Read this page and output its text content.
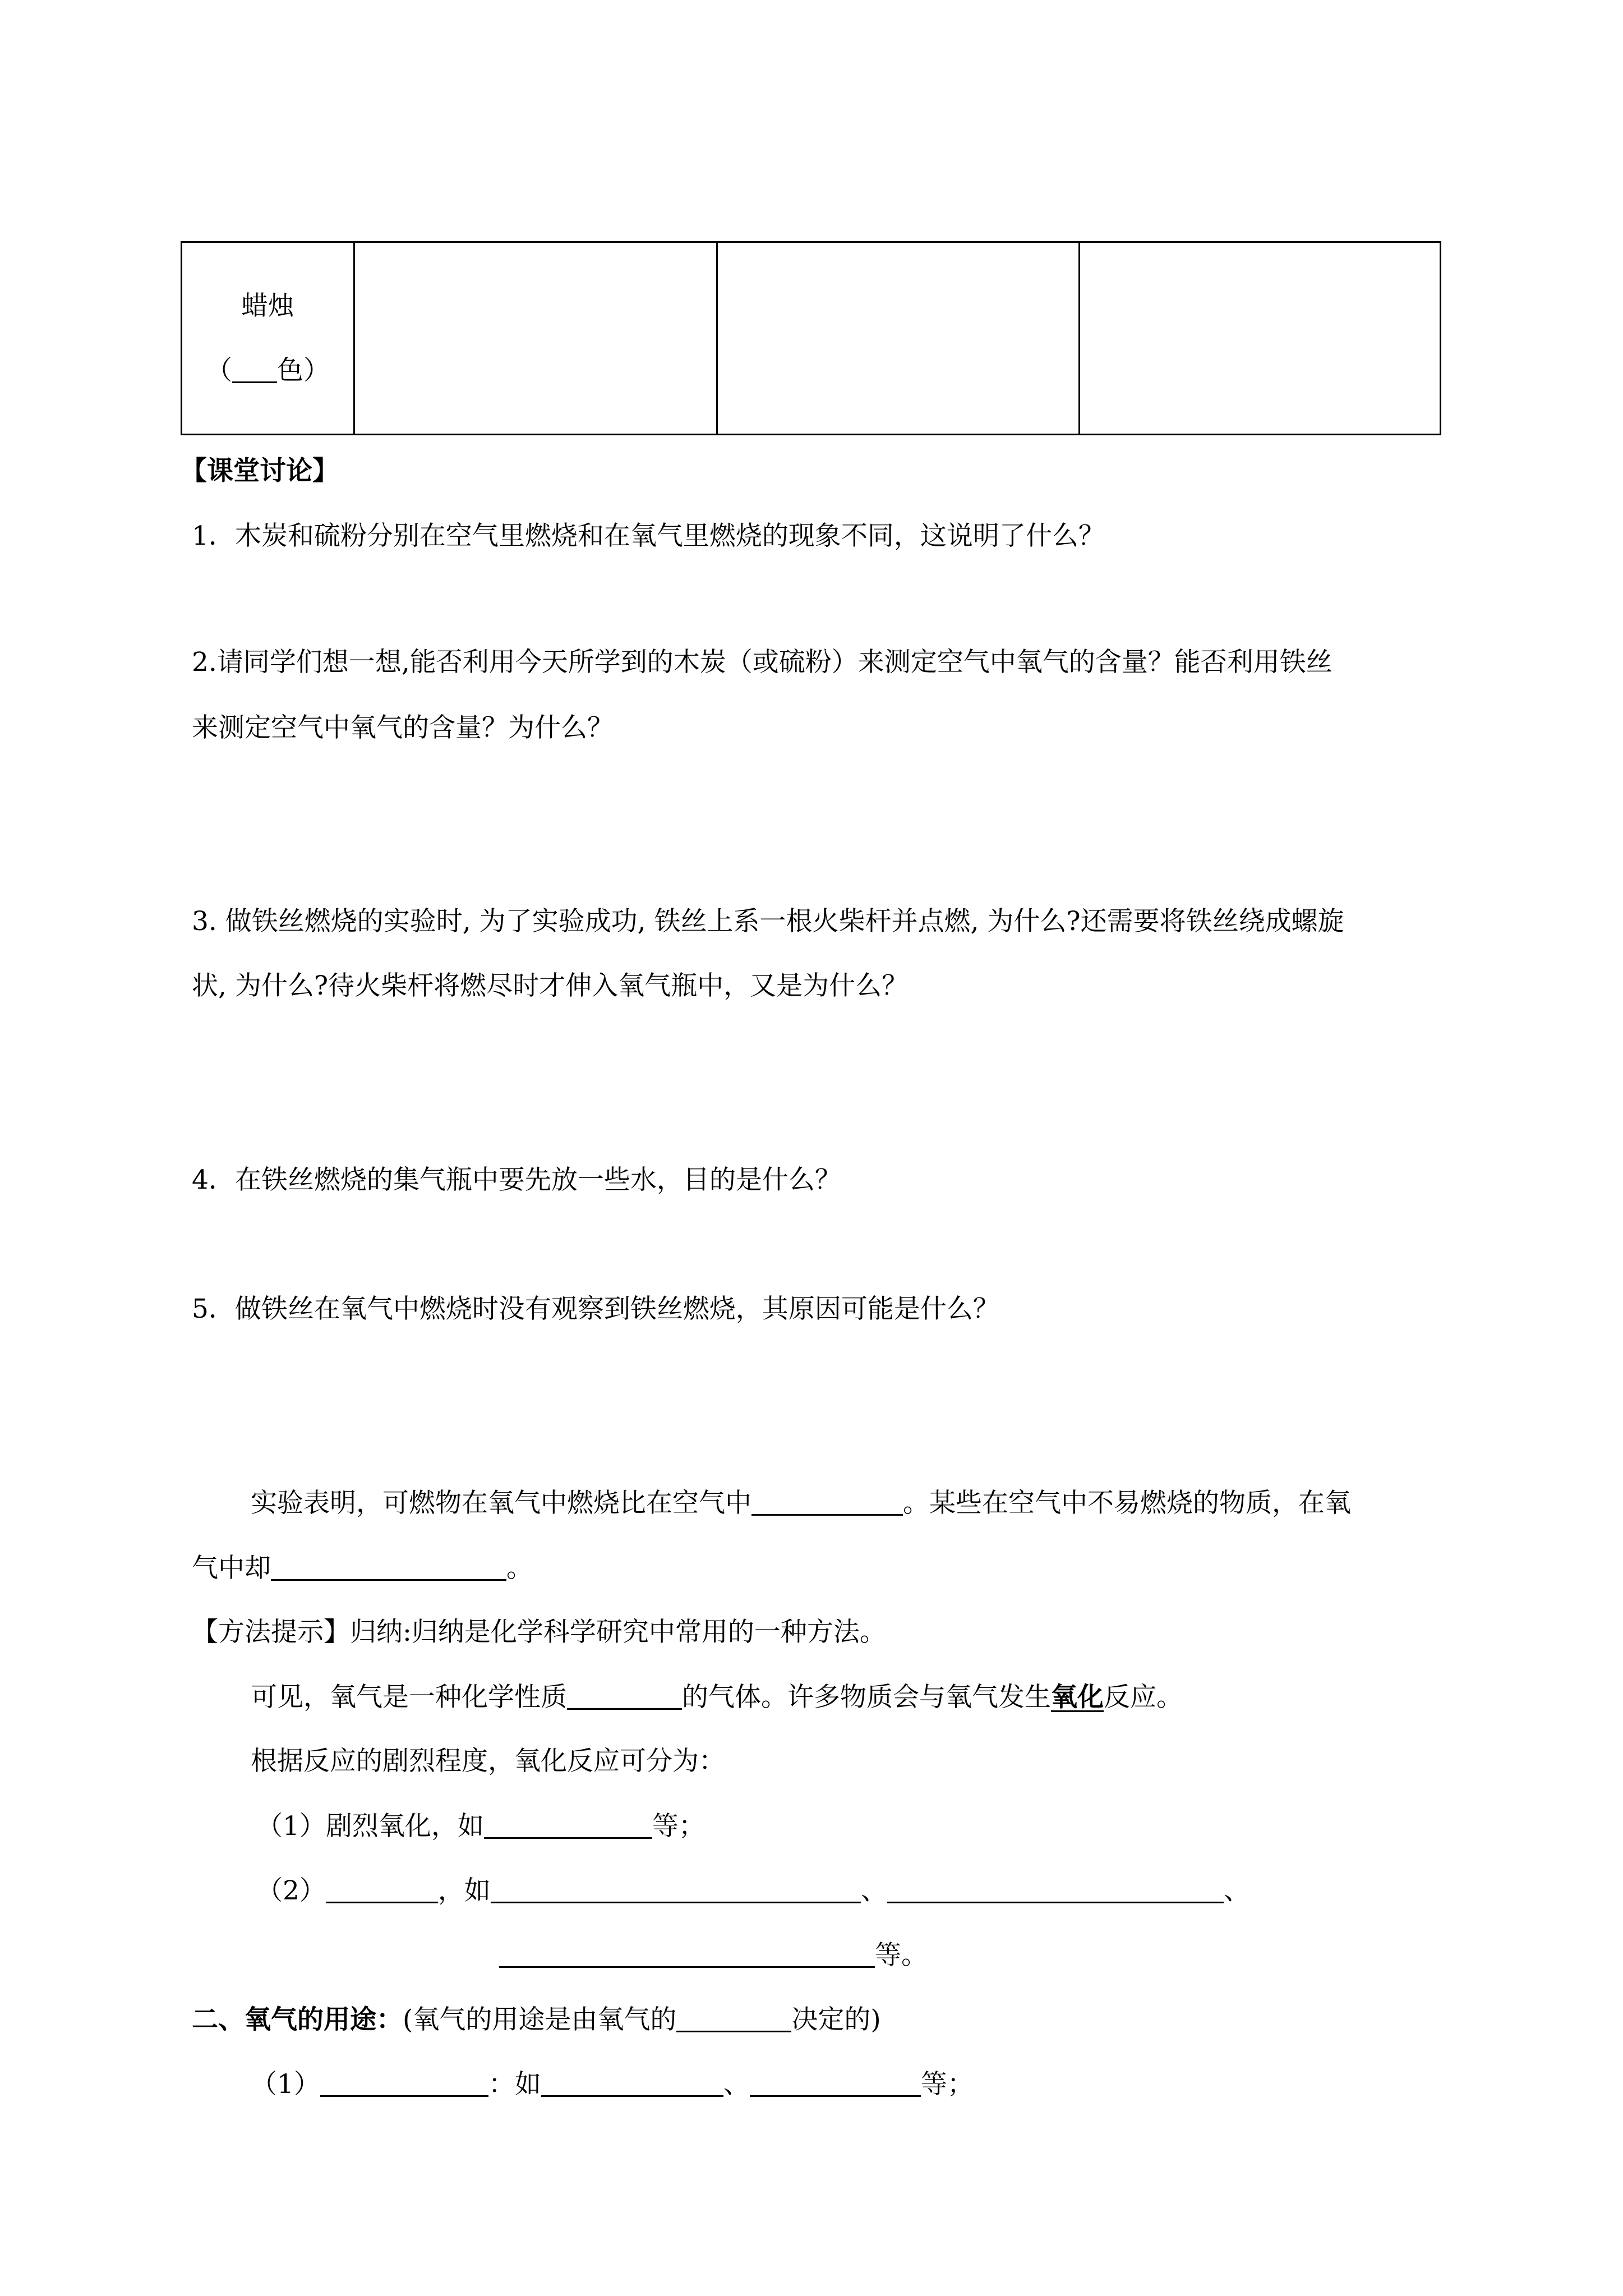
蜡烛
（ 色）
【课堂讨论】
1．木炭和硫粉分别在空气里燃烧和在氧气里燃烧的现象不同，这说明了什么？
2.请同学们想一想,能否利用今天所学到的木炭（或硫粉）来测定空气中氧气的含量？能否利用铁丝
来测定空气中氧气的含量？为什么？
3. 做铁丝燃烧的实验时, 为了实验成功, 铁丝上系一根火柴杆并点燃, 为什么?还需要将铁丝绕成螺旋
状, 为什么?待火柴杆将燃尽时才伸入氧气瓶中，又是为什么？
4．在铁丝燃烧的集气瓶中要先放一些水，目的是什么？
5．做铁丝在氧气中燃烧时没有观察到铁丝燃烧，其原因可能是什么？
实验表明，可燃物在氧气中燃烧比在空气中	。某些在空气中不易燃烧的物质，在氧
气中却	。
【方法提示】归纳:归纳是化学科学研究中常用的一种方法。
可见，氧气是一种化学性质	的气体。许多物质会与氧气发生氧化反应。
根据反应的剧烈程度，氧化反应可分为：
（1）剧烈氧化，如	等；
（2）	，如	、	、
等。
二、氧气的用途：(氧气的用途是由氧气的	决定的)
（1）	：如	、	等；
